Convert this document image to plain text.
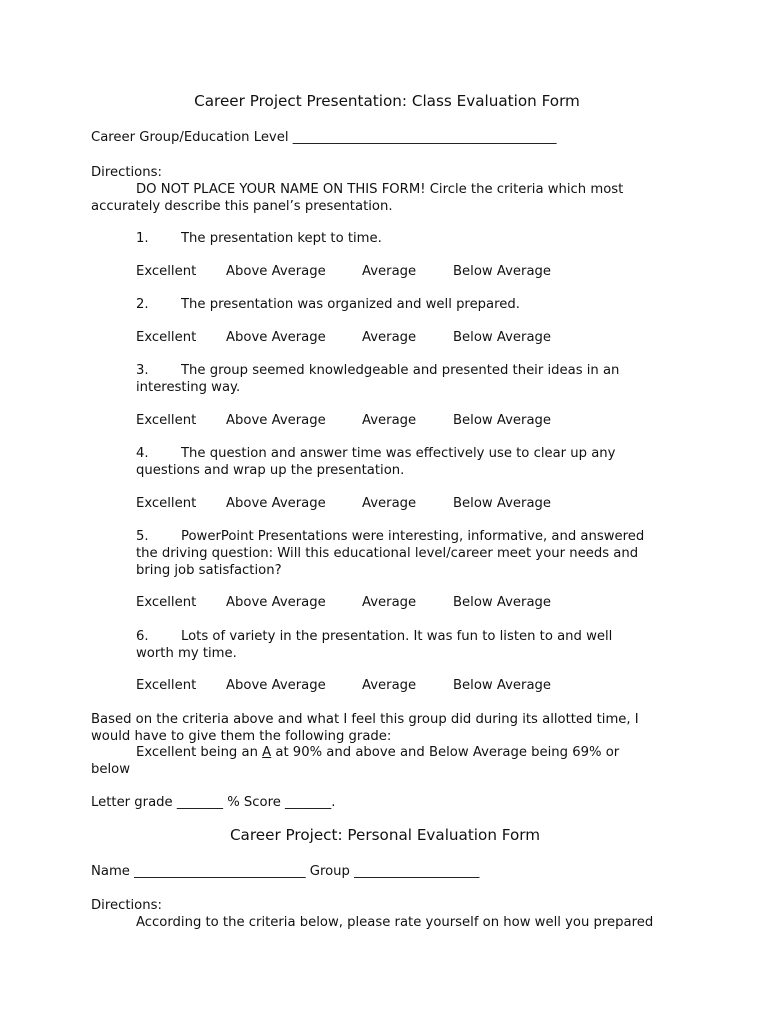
Career Project Presentation: Class Evaluation Form
Career Group/Education Level ________________________________________
Directions:
DO NOT PLACE YOUR NAME ON THIS FORM! Circle the criteria which most
accurately describe this panel’s presentation.
1. The presentation kept to time.
Excellent Above Average	Average	Below Average
2. The presentation was organized and well prepared.
Excellent Above Average	Average	Below Average
3. The group seemed knowledgeable and presented their ideas in an
interesting way.
Excellent Above Average	Average	Below Average
4. The question and answer time was effectively use to clear up any
questions and wrap up the presentation.
Excellent Above Average	Average	Below Average
5. PowerPoint Presentations were interesting, informative, and answered
the driving question: Will this educational level/career meet your needs and
bring job satisfaction?
Excellent Above Average	Average	Below Average
6. Lots of variety in the presentation. It was fun to listen to and well
worth my time.
Excellent Above Average	Average	Below Average
Based on the criteria above and what I feel this group did during its allotted time, I
would have to give them the following grade:
Excellent being an A at 90% and above and Below Average being 69% or
below
Letter grade _______ % Score _______.
Career Project: Personal Evaluation Form
Name __________________________ Group ___________________
Directions:
According to the criteria below, please rate yourself on how well you prepared
